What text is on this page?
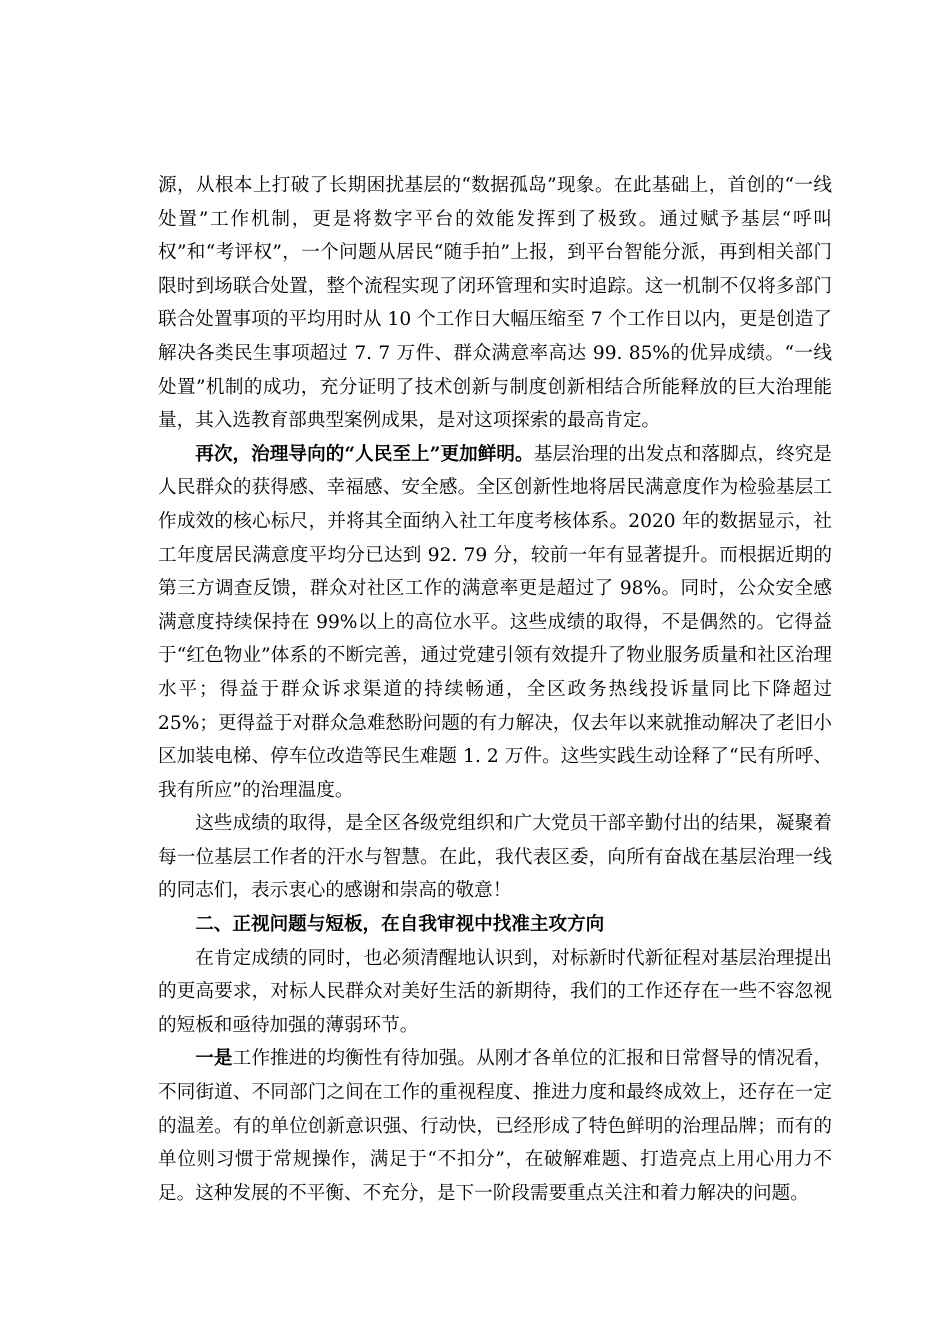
源，从根本上打破了长期困扰基层的“数据孤岛”现象。在此基础上，首创的“一线处置”工作机制，更是将数字平台的效能发挥到了极致。通过赋予基层“呼叫权”和“考评权”，一个问题从居民“随手拍”上报，到平台智能分派，再到相关部门限时到场联合处置，整个流程实现了闭环管理和实时追踪。这一机制不仅将多部门联合处置事项的平均用时从 10 个工作日大幅压缩至 7 个工作日以内，更是创造了解决各类民生事项超过 7. 7 万件、群众满意率高达 99. 85%的优异成绩。“一线处置”机制的成功，充分证明了技术创新与制度创新相结合所能释放的巨大治理能量，其入选教育部典型案例成果，是对这项探索的最高肯定。

再次，治理导向的“人民至上”更加鲜明。基层治理的出发点和落脚点，终究是人民群众的获得感、幸福感、安全感。全区创新性地将居民满意度作为检验基层工作成效的核心标尺，并将其全面纳入社工年度考核体系。2020 年的数据显示，社工年度居民满意度平均分已达到 92. 79 分，较前一年有显著提升。而根据近期的第三方调查反馈，群众对社区工作的满意率更是超过了 98%。同时，公众安全感满意度持续保持在 99%以上的高位水平。这些成绩的取得，不是偶然的。它得益于“红色物业”体系的不断完善，通过党建引领有效提升了物业服务质量和社区治理水平；得益于群众诉求渠道的持续畅通，全区政务热线投诉量同比下降超过 25%；更得益于对群众急难愁盼问题的有力解决，仅去年以来就推动解决了老旧小区加装电梯、停车位改造等民生难题 1. 2 万件。这些实践生动诠释了“民有所呼、我有所应”的治理温度。

这些成绩的取得，是全区各级党组织和广大党员干部辛勤付出的结果，凝聚着每一位基层工作者的汗水与智慧。在此，我代表区委，向所有奋战在基层治理一线的同志们，表示衷心的感谢和崇高的敬意！

二、正视问题与短板，在自我审视中找准主攻方向

在肯定成绩的同时，也必须清醒地认识到，对标新时代新征程对基层治理提出的更高要求，对标人民群众对美好生活的新期待，我们的工作还存在一些不容忽视的短板和亟待加强的薄弱环节。

一是工作推进的均衡性有待加强。从刚才各单位的汇报和日常督导的情况看，不同街道、不同部门之间在工作的重视程度、推进力度和最终成效上，还存在一定的温差。有的单位创新意识强、行动快，已经形成了特色鲜明的治理品牌；而有的单位则习惯于常规操作，满足于“不扣分”，在破解难题、打造亮点上用心用力不足。这种发展的不平衡、不充分，是下一阶段需要重点关注和着力解决的问题。
